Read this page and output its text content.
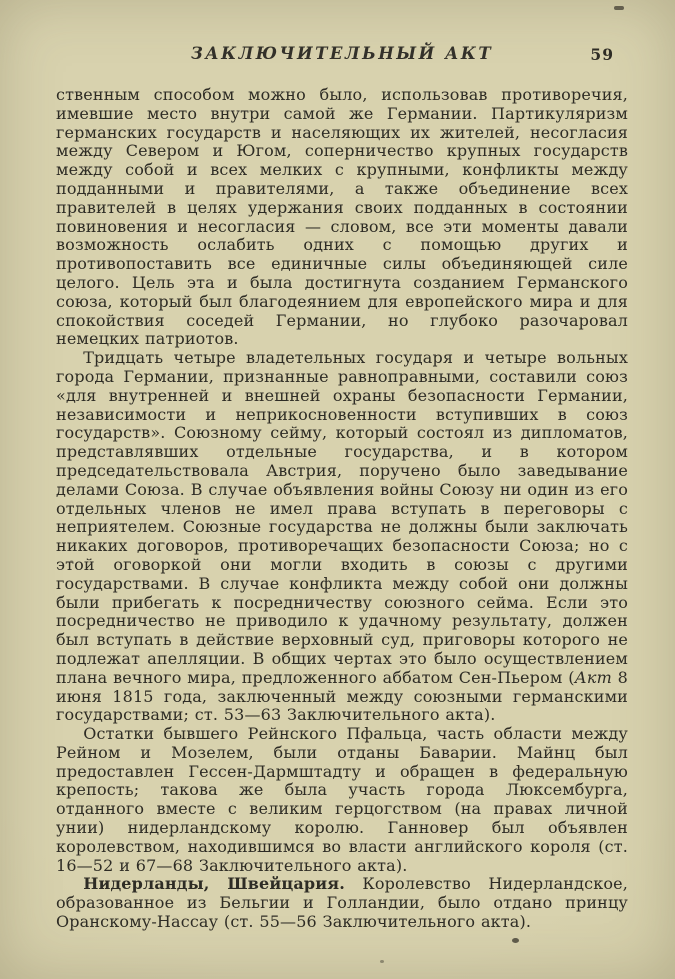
ЗАКЛЮЧИТЕЛЬНЫЙ АКТ	59

ственным способом можно было, использовав противоречия, имевшие место внутри самой же Германии. Партикуляризм германских государств и населяющих их жителей, несогласия между Севером и Югом, соперничество крупных государств между собой и всех мелких с крупными, конфликты между подданными и правителями, а также объединение всех правителей в целях удержания своих подданных в состоянии повиновения и несогласия — словом, все эти моменты давали возможность ослабить одних с помощью других и противопоставить все единичные силы объединяющей силе целого. Цель эта и была достигнута созданием Германского союза, который был благодеянием для европейского мира и для спокойствия соседей Германии, но глубоко разочаровал немецких патриотов.

Тридцать четыре владетельных государя и четыре вольных города Германии, признанные равноправными, составили союз «для внутренней и внешней охраны безопасности Германии, независимости и неприкосновенности вступивших в союз государств». Союзному сейму, который состоял из дипломатов, представлявших отдельные государства, и в котором председательствовала Австрия, поручено было заведывание делами Союза. В случае объявления войны Союзу ни один из его отдельных членов не имел права вступать в переговоры с неприятелем. Союзные государства не должны были заключать никаких договоров, противоречащих безопасности Союза; но с этой оговоркой они могли входить в союзы с другими государствами. В случае конфликта между собой они должны были прибегать к посредничеству союзного сейма. Если это посредничество не приводило к удачному результату, должен был вступать в действие верховный суд, приговоры которого не подлежат апелляции. В общих чертах это было осуществлением плана вечного мира, предложенного аббатом Сен-Пьером (Акт 8 июня 1815 года, заключенный между союзными германскими государствами; ст. 53—63 Заключительного акта).

Остатки бывшего Рейнского Пфальца, часть области между Рейном и Мозелем, были отданы Баварии. Майнц был предоставлен Гессен-Дармштадту и обращен в федеральную крепость; такова же была участь города Люксембурга, отданного вместе с великим герцогством (на правах личной унии) нидерландскому королю. Ганновер был объявлен королевством, находившимся во власти английского короля (ст. 16—52 и 67—68 Заключительного акта).

Нидерланды, Швейцария. Королевство Нидерландское, образованное из Бельгии и Голландии, было отдано принцу Оранскому-Нассау (ст. 55—56 Заключительного акта).
